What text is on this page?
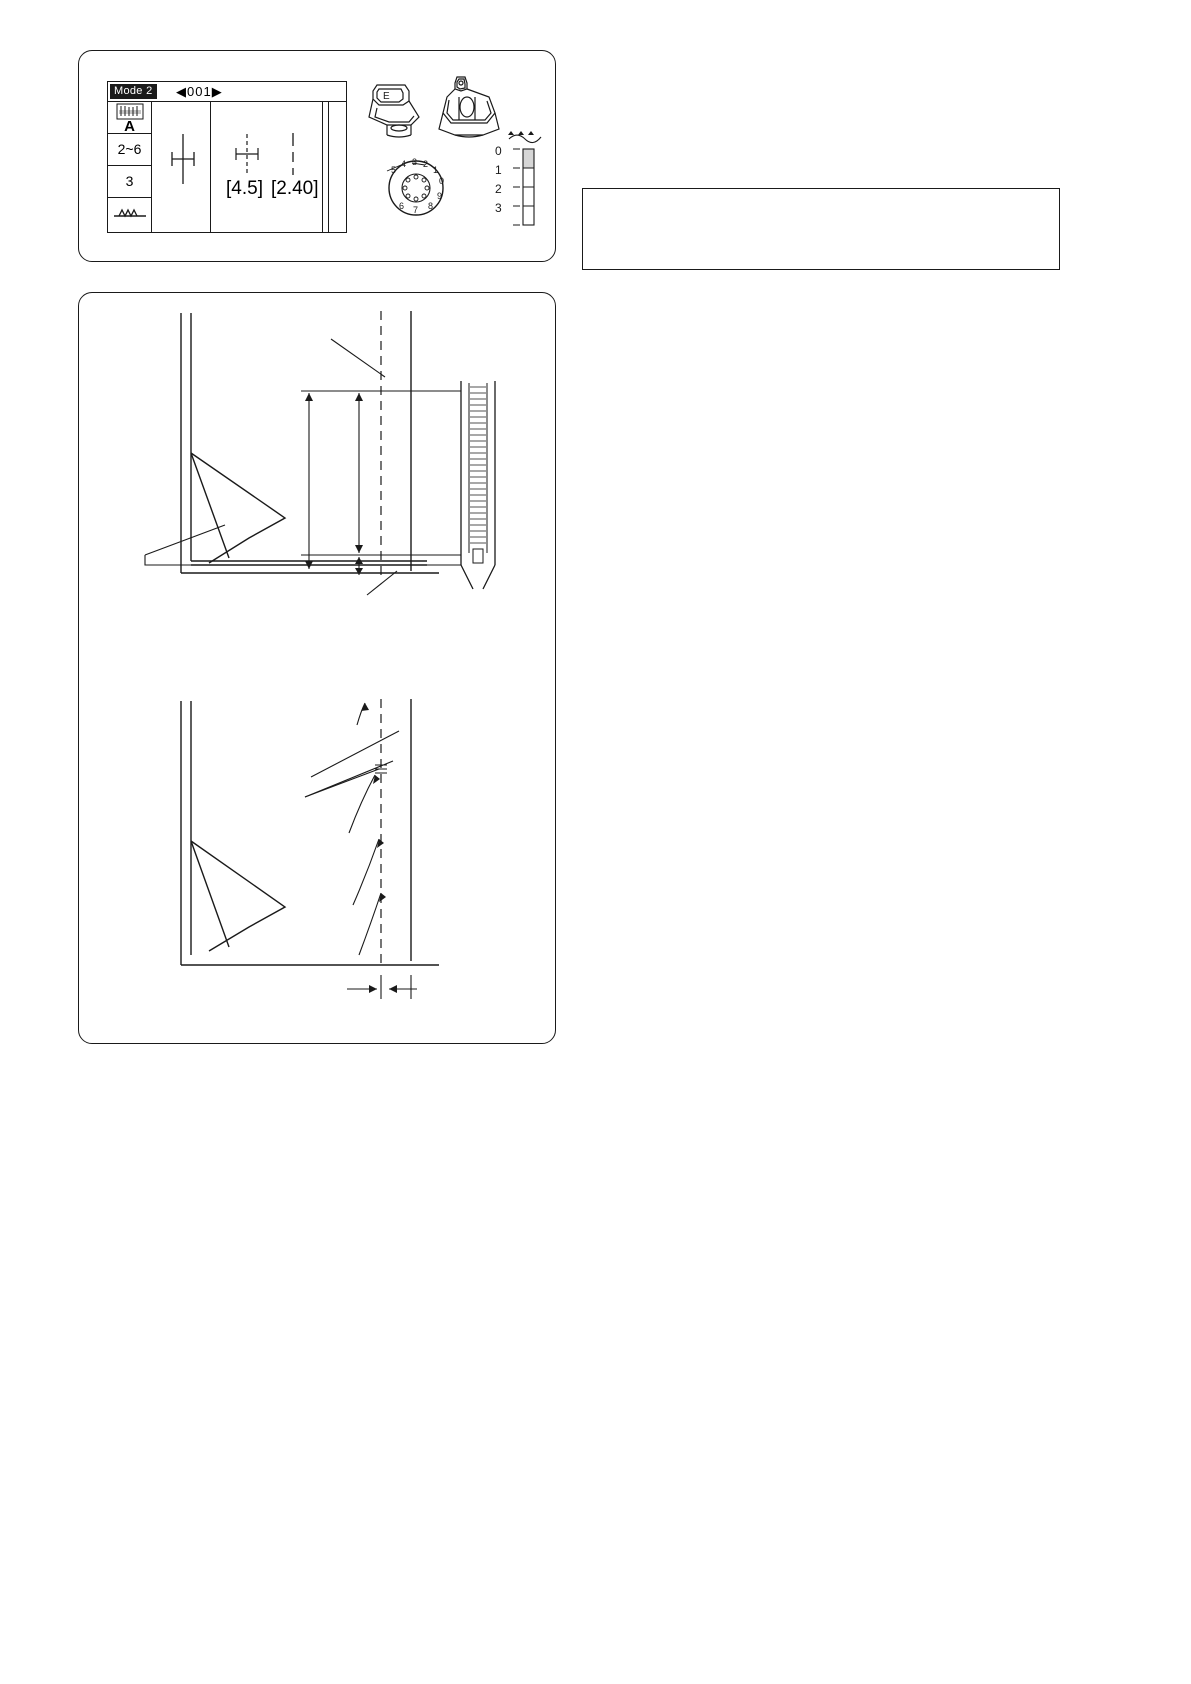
Mode 2	◀001▶
A
2~6
3	[4.5] [2.40]
E
5
4 3 2
1
0
9
8
7
6
0
1
2
3
